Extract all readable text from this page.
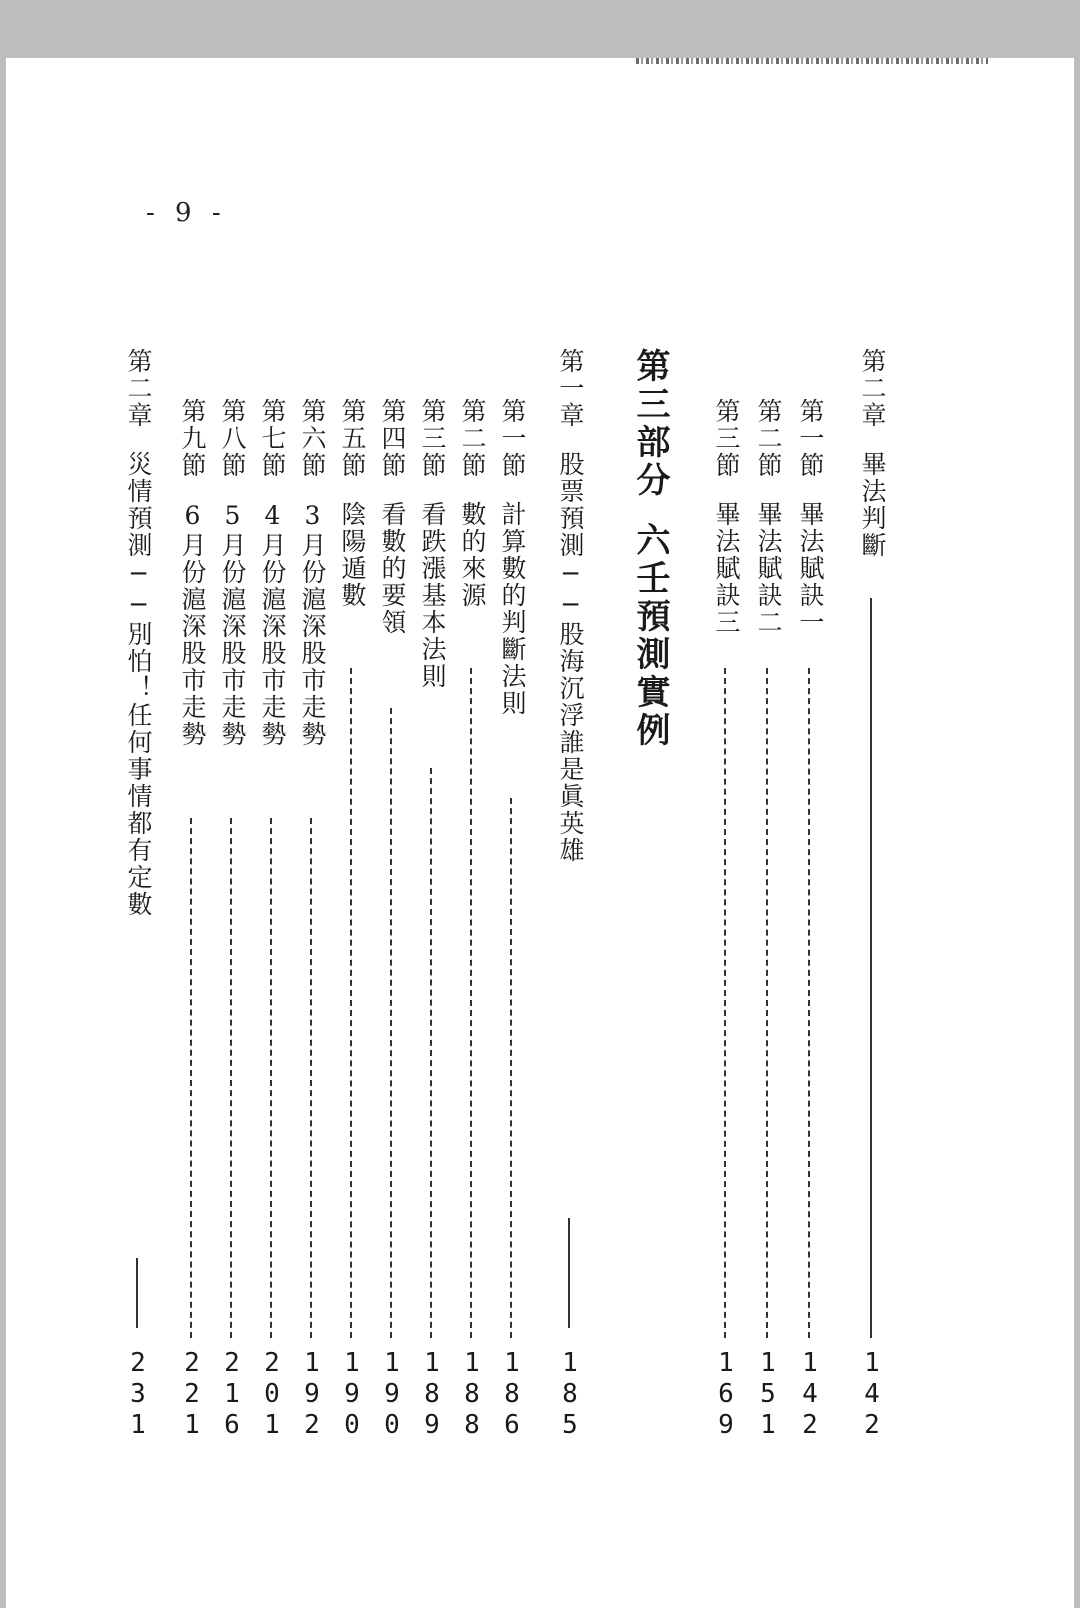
- 9 -
第二章畢法判斷
142
第一節畢法賦訣一
142
第二節畢法賦訣二
151
第三節畢法賦訣三
169
第三部分六壬預測實例
第一章股票預測──股海沉浮誰是眞英雄
185
第一節計算數的判斷法則
186
第二節數的來源
188
第三節看跌漲基本法則
189
第四節看數的要領
190
第五節陰陽遁數
190
第六節3月份滬深股市走勢
192
第七節4月份滬深股市走勢
201
第八節5月份滬深股市走勢
216
第九節6月份滬深股市走勢
221
第二章災情預測──別怕！任何事情都有定數
231
